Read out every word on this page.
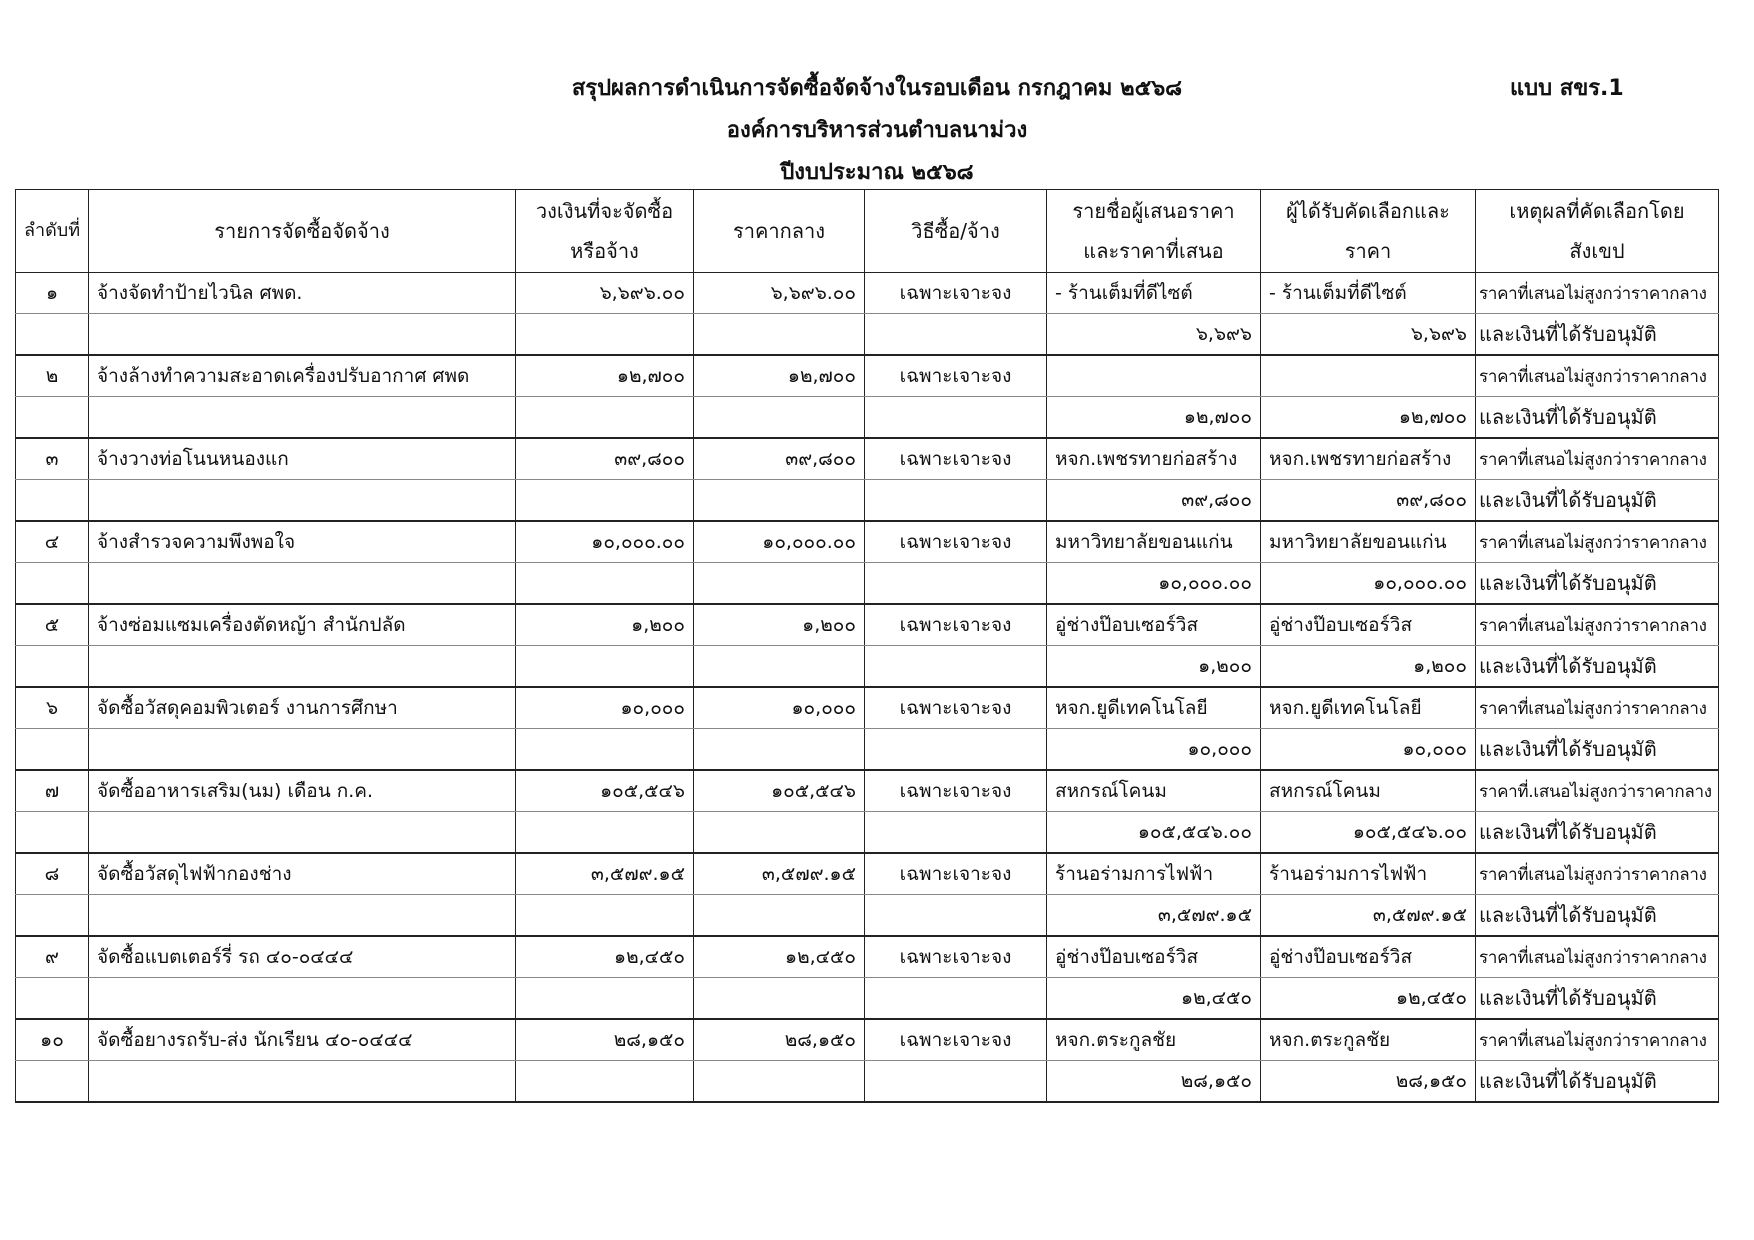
สรุปผลการดำเนินการจัดซื้อจัดจ้างในรอบเดือน กรกฎาคม ๒๕๖๘
องค์การบริหารส่วนตำบลนาม่วง
ปีงบประมาณ ๒๕๖๘
แบบ สขร.1
ลำดับที่	รายการจัดซื้อจัดจ้าง	วงเงินที่จะจัดซื้อหรือจ้าง	ราคากลาง	วิธีซื้อ/จ้าง	รายชื่อผู้เสนอราคาและราคาที่เสนอ	ผู้ได้รับคัดเลือกและราคา	เหตุผลที่คัดเลือกโดยสังเขป
๑	จ้างจัดทำป้ายไวนิล ศพด.	๖,๖๙๖.๐๐	๖,๖๙๖.๐๐	เฉพาะเจาะจง	- ร้านเต็มที่ดีไซต์	- ร้านเต็มที่ดีไซต์	ราคาที่เสนอไม่สูงกว่าราคากลาง
					๖,๖๙๖	๖,๖๙๖	และเงินที่ได้รับอนุมัติ
๒	จ้างล้างทำความสะอาดเครื่องปรับอากาศ ศพด	๑๒,๗๐๐	๑๒,๗๐๐	เฉพาะเจาะจง			ราคาที่เสนอไม่สูงกว่าราคากลาง
					๑๒,๗๐๐	๑๒,๗๐๐	และเงินที่ได้รับอนุมัติ
๓	จ้างวางท่อโนนหนองแก	๓๙,๘๐๐	๓๙,๘๐๐	เฉพาะเจาะจง	หจก.เพชรทายก่อสร้าง	หจก.เพชรทายก่อสร้าง	ราคาที่เสนอไม่สูงกว่าราคากลาง
					๓๙,๘๐๐	๓๙,๘๐๐	และเงินที่ได้รับอนุมัติ
๔	จ้างสำรวจความพึงพอใจ	๑๐,๐๐๐.๐๐	๑๐,๐๐๐.๐๐	เฉพาะเจาะจง	มหาวิทยาลัยขอนแก่น	มหาวิทยาลัยขอนแก่น	ราคาที่เสนอไม่สูงกว่าราคากลาง
					๑๐,๐๐๐.๐๐	๑๐,๐๐๐.๐๐	และเงินที่ได้รับอนุมัติ
๕	จ้างซ่อมแซมเครื่องตัดหญ้า สำนักปลัด	๑,๒๐๐	๑,๒๐๐	เฉพาะเจาะจง	อู่ช่างป๊อบเซอร์วิส	อู่ช่างป๊อบเซอร์วิส	ราคาที่เสนอไม่สูงกว่าราคากลาง
					๑,๒๐๐	๑,๒๐๐	และเงินที่ได้รับอนุมัติ
๖	จัดซื้อวัสดุคอมพิวเตอร์ งานการศึกษา	๑๐,๐๐๐	๑๐,๐๐๐	เฉพาะเจาะจง	หจก.ยูดีเทคโนโลยี	หจก.ยูดีเทคโนโลยี	ราคาที่เสนอไม่สูงกว่าราคากลาง
					๑๐,๐๐๐	๑๐,๐๐๐	และเงินที่ได้รับอนุมัติ
๗	จัดซื้ออาหารเสริม(นม) เดือน ก.ค.	๑๐๕,๕๔๖	๑๐๕,๕๔๖	เฉพาะเจาะจง	สหกรณ์โคนม	สหกรณ์โคนม	ราคาที่.เสนอไม่สูงกว่าราคากลาง
					๑๐๕,๕๔๖.๐๐	๑๐๕,๕๔๖.๐๐	และเงินที่ได้รับอนุมัติ
๘	จัดซื้อวัสดุไฟฟ้ากองช่าง	๓,๕๗๙.๑๕	๓,๕๗๙.๑๕	เฉพาะเจาะจง	ร้านอร่ามการไฟฟ้า	ร้านอร่ามการไฟฟ้า	ราคาที่เสนอไม่สูงกว่าราคากลาง
					๓,๕๗๙.๑๕	๓,๕๗๙.๑๕	และเงินที่ได้รับอนุมัติ
๙	จัดซื้อแบตเตอร์รี่ รถ ๔๐-๐๔๔๔	๑๒,๔๕๐	๑๒,๔๕๐	เฉพาะเจาะจง	อู่ช่างป๊อบเซอร์วิส	อู่ช่างป๊อบเซอร์วิส	ราคาที่เสนอไม่สูงกว่าราคากลาง
					๑๒,๔๕๐	๑๒,๔๕๐	และเงินที่ได้รับอนุมัติ
๑๐	จัดซื้อยางรถรับ-ส่ง นักเรียน ๔๐-๐๔๔๔	๒๘,๑๕๐	๒๘,๑๕๐	เฉพาะเจาะจง	หจก.ตระกูลชัย	หจก.ตระกูลชัย	ราคาที่เสนอไม่สูงกว่าราคากลาง
					๒๘,๑๕๐	๒๘,๑๕๐	และเงินที่ได้รับอนุมัติ
